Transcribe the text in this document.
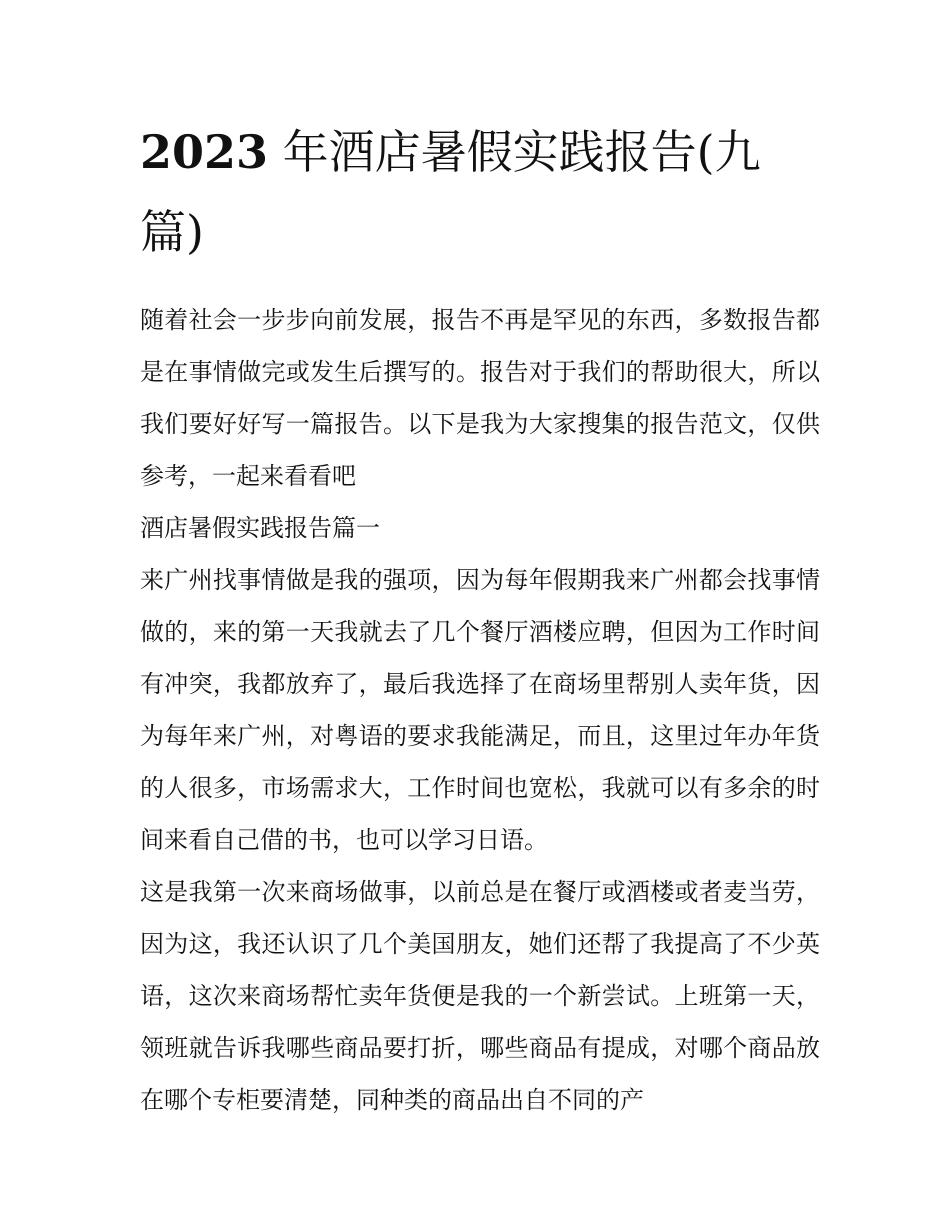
2023 年酒店暑假实践报告(九篇)

随着社会一步步向前发展，报告不再是罕见的东西，多数报告都是在事情做完或发生后撰写的。报告对于我们的帮助很大，所以我们要好好写一篇报告。以下是我为大家搜集的报告范文，仅供参考，一起来看看吧

酒店暑假实践报告篇一

来广州找事情做是我的强项，因为每年假期我来广州都会找事情做的，来的第一天我就去了几个餐厅酒楼应聘，但因为工作时间有冲突，我都放弃了，最后我选择了在商场里帮别人卖年货，因为每年来广州，对粤语的要求我能满足，而且，这里过年办年货的人很多，市场需求大，工作时间也宽松，我就可以有多余的时间来看自己借的书，也可以学习日语。

这是我第一次来商场做事，以前总是在餐厅或酒楼或者麦当劳，因为这，我还认识了几个美国朋友，她们还帮了我提高了不少英语，这次来商场帮忙卖年货便是我的一个新尝试。上班第一天，领班就告诉我哪些商品要打折，哪些商品有提成，对哪个商品放在哪个专柜要清楚，同种类的商品出自不同的产
